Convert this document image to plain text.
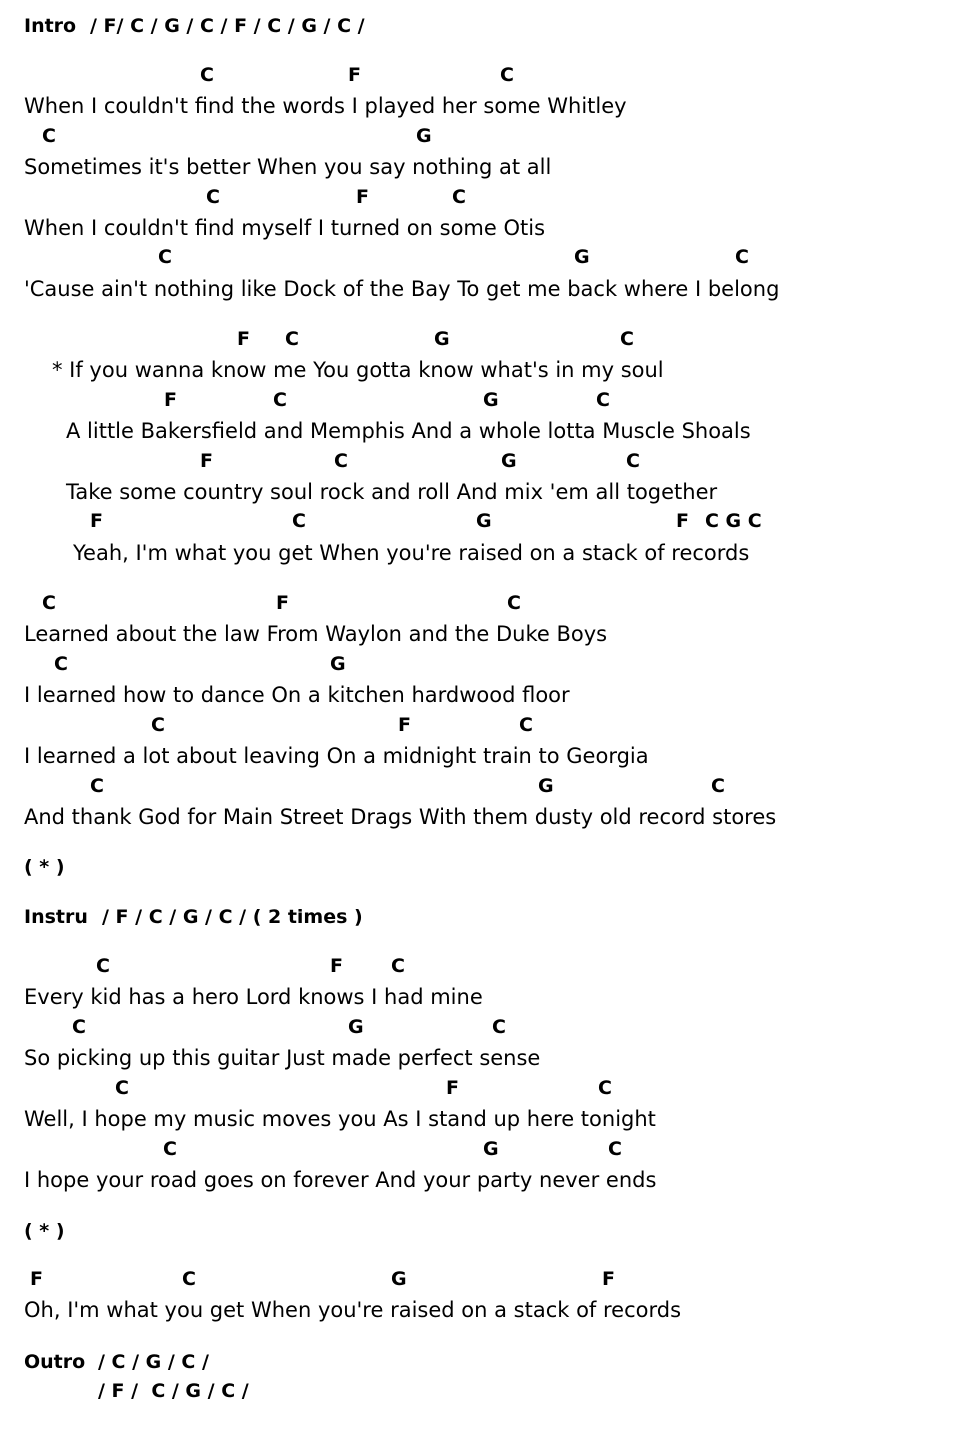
Intro / F/ C / G / C / F / C / G / C /
C	F	C
When I couldn't find the words I played her some Whitley
C	G
Sometimes it's better When you say nothing at all
C	F	C
When I couldn't find myself I turned on some Otis
C	G	C
'Cause ain't nothing like Dock of the Bay To get me back where I belong
F C	G	C
* If you wanna know me You gotta know what's in my soul
F	C	G	C
A little Bakersfield and Memphis And a whole lotta Muscle Shoals
F	C	G	C
Take some country soul rock and roll And mix 'em all together
F	C	G	F C G C
Yeah, I'm what you get When you're raised on a stack of records
C	F	C
Learned about the law From Waylon and the Duke Boys
C	G
I learned how to dance On a kitchen hardwood floor
C	F	C
I learned a lot about leaving On a midnight train to Georgia
C	G	C
And thank God for Main Street Drags With them dusty old record stores
( * )
Instru / F / C / G / C / ( 2 times )
C	F	C
Every kid has a hero Lord knows I had mine
C	G	C
So picking up this guitar Just made perfect sense
C	F	C
Well, I hope my music moves you As I stand up here tonight
C	G	C
I hope your road goes on forever And your party never ends
( * )
F	C	G	F
Oh, I'm what you get When you're raised on a stack of records
Outro / C / G / C /
/ F /  C / G / C /
